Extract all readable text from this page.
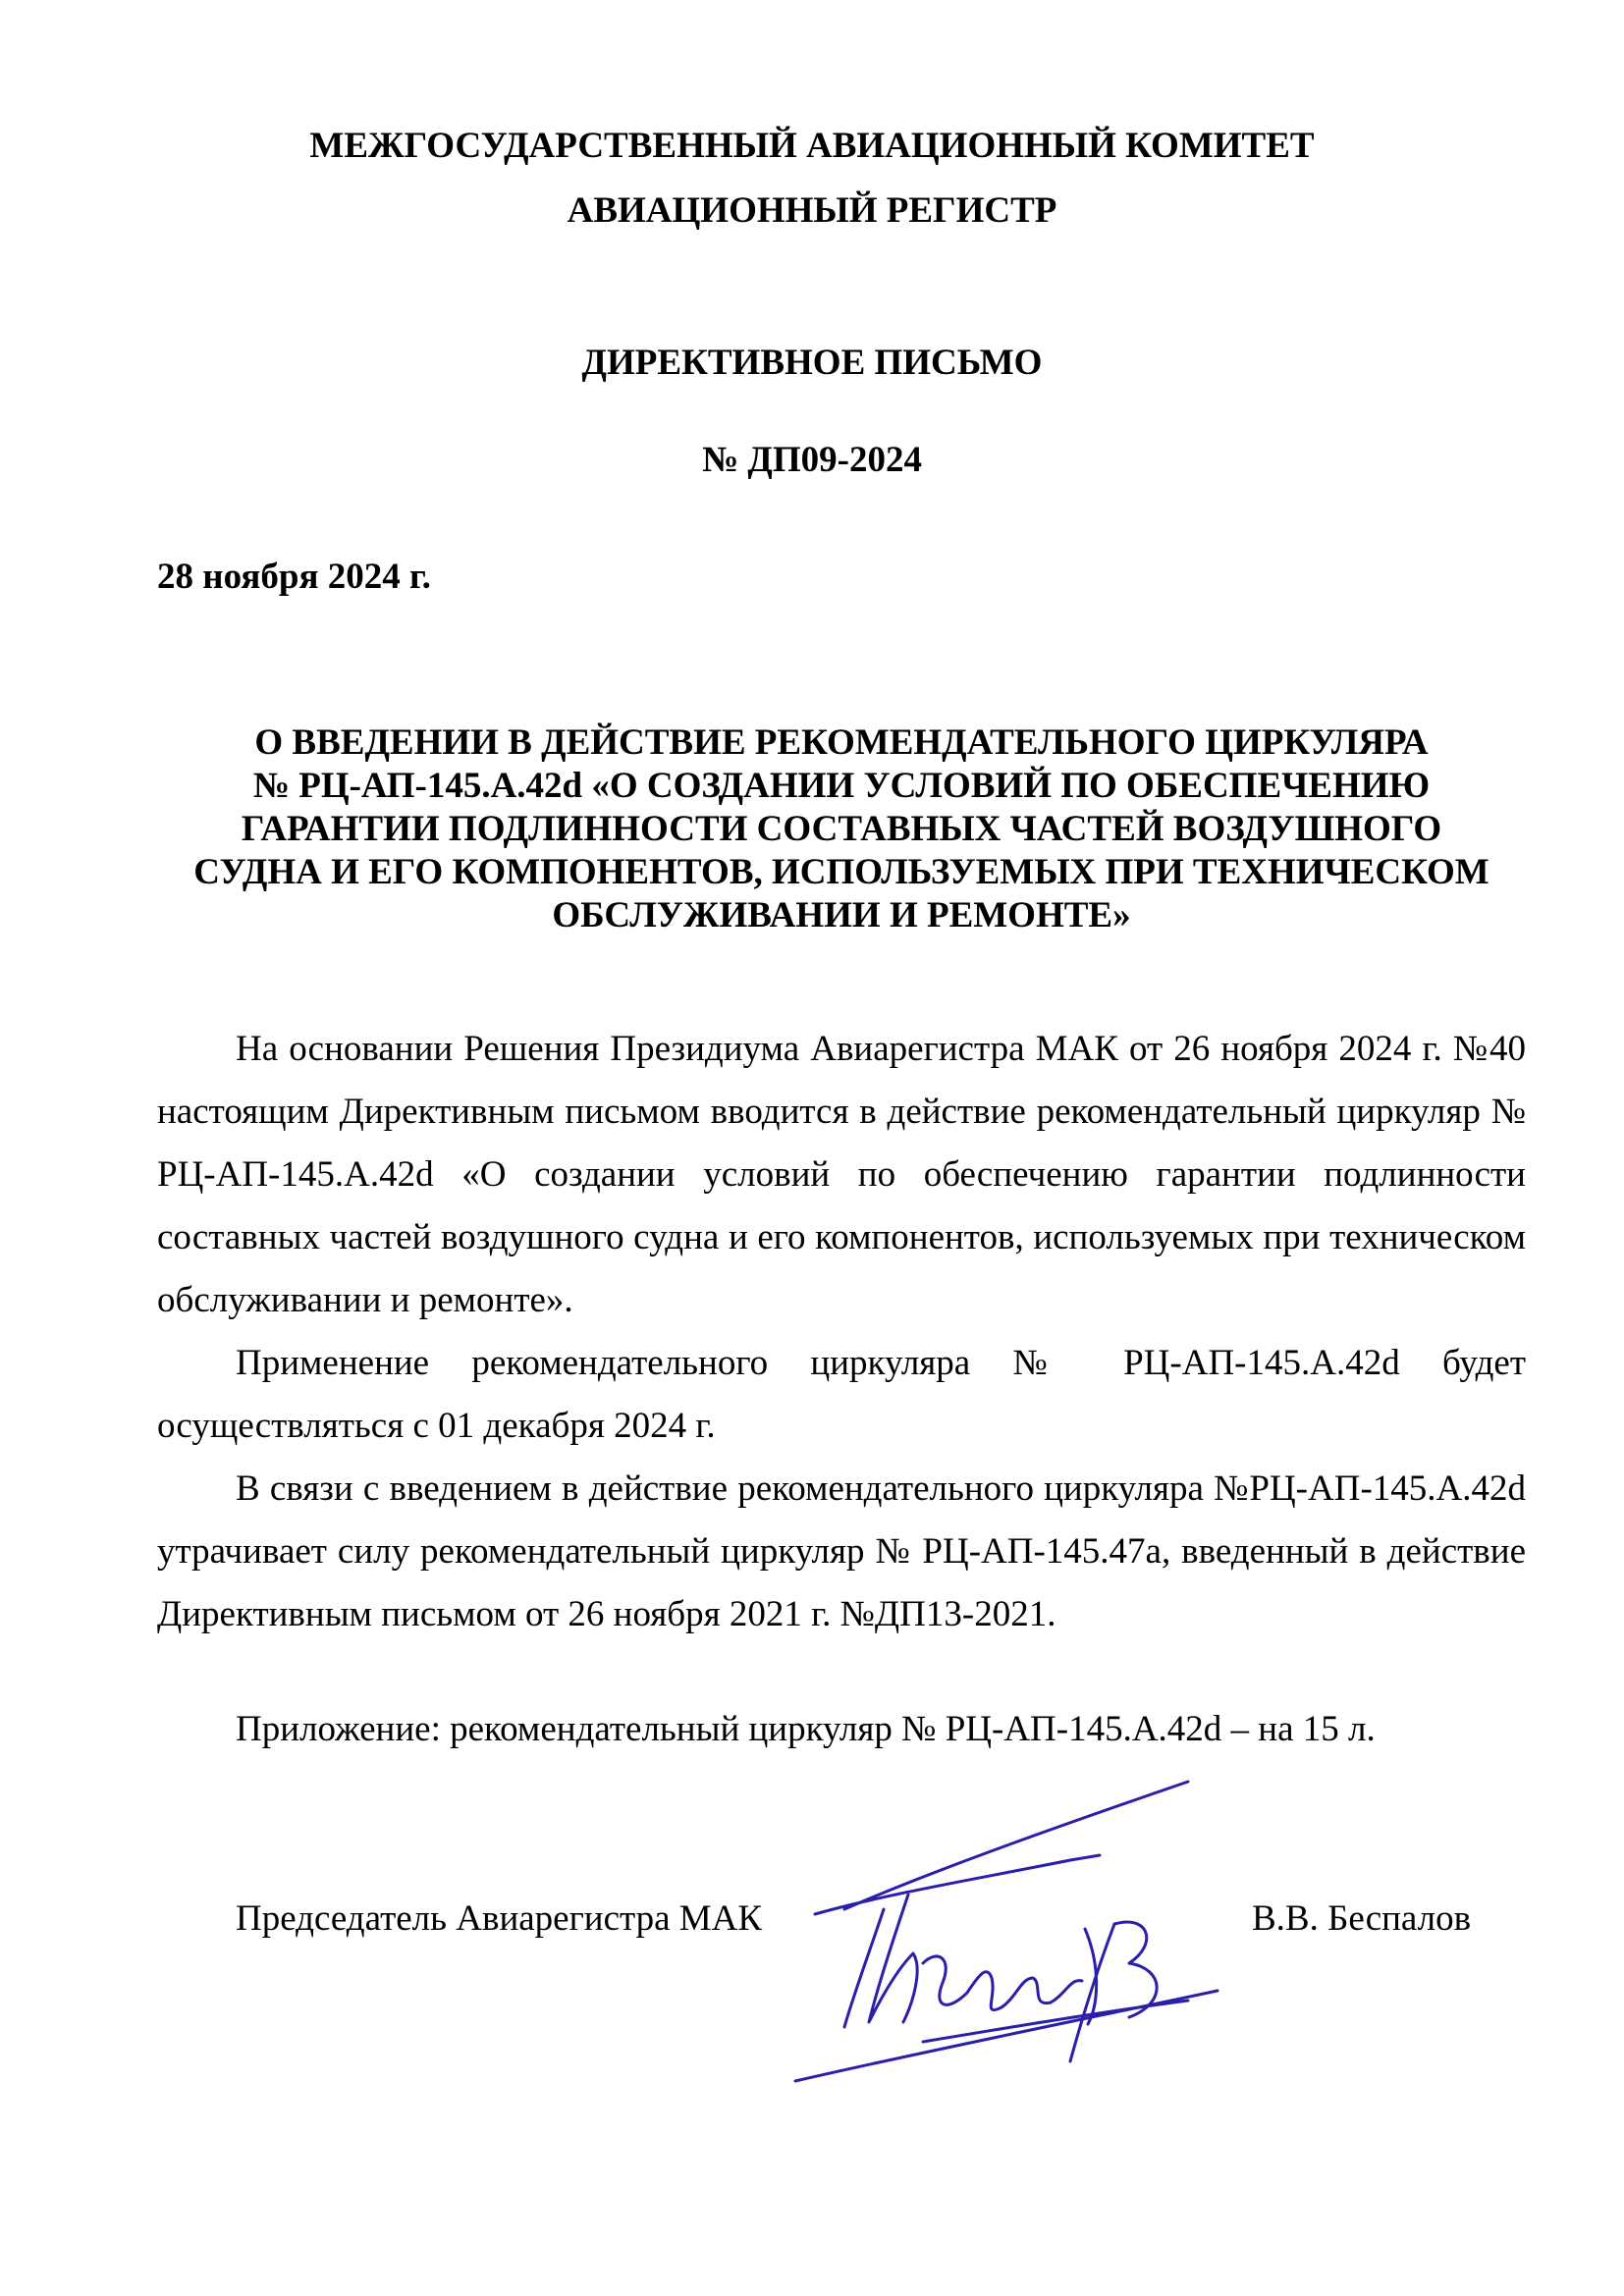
МЕЖГОСУДАРСТВЕННЫЙ АВИАЦИОННЫЙ КОМИТЕТ

АВИАЦИОННЫЙ РЕГИСТР

ДИРЕКТИВНОЕ ПИСЬМО

№ ДП09-2024

28 ноября 2024 г.

О ВВЕДЕНИИ В ДЕЙСТВИЕ РЕКОМЕНДАТЕЛЬНОГО ЦИРКУЛЯРА
№ РЦ-АП-145.А.42d «О СОЗДАНИИ УСЛОВИЙ ПО ОБЕСПЕЧЕНИЮ
ГАРАНТИИ ПОДЛИННОСТИ СОСТАВНЫХ ЧАСТЕЙ ВОЗДУШНОГО
СУДНА И ЕГО КОМПОНЕНТОВ, ИСПОЛЬЗУЕМЫХ ПРИ ТЕХНИЧЕСКОМ
ОБСЛУЖИВАНИИ И РЕМОНТЕ»

На основании Решения Президиума Авиарегистра МАК от 26 ноября 2024 г. №40 настоящим Директивным письмом вводится в действие рекомендательный циркуляр № РЦ-АП-145.А.42d «О создании условий по обеспечению гарантии подлинности составных частей воздушного судна и его компонентов, используемых при техническом обслуживании и ремонте».

Применение рекомендательного циркуляра № РЦ-АП-145.А.42d будет осуществляться с 01 декабря 2024 г.

В связи с введением в действие рекомендательного циркуляра №РЦ-АП-145.А.42d утрачивает силу рекомендательный циркуляр № РЦ-АП-145.47а, введенный в действие Директивным письмом от 26 ноября 2021 г. №ДП13-2021.

Приложение: рекомендательный циркуляр № РЦ-АП-145.А.42d – на 15 л.

Председатель Авиарегистра МАК	В.В. Беспалов
